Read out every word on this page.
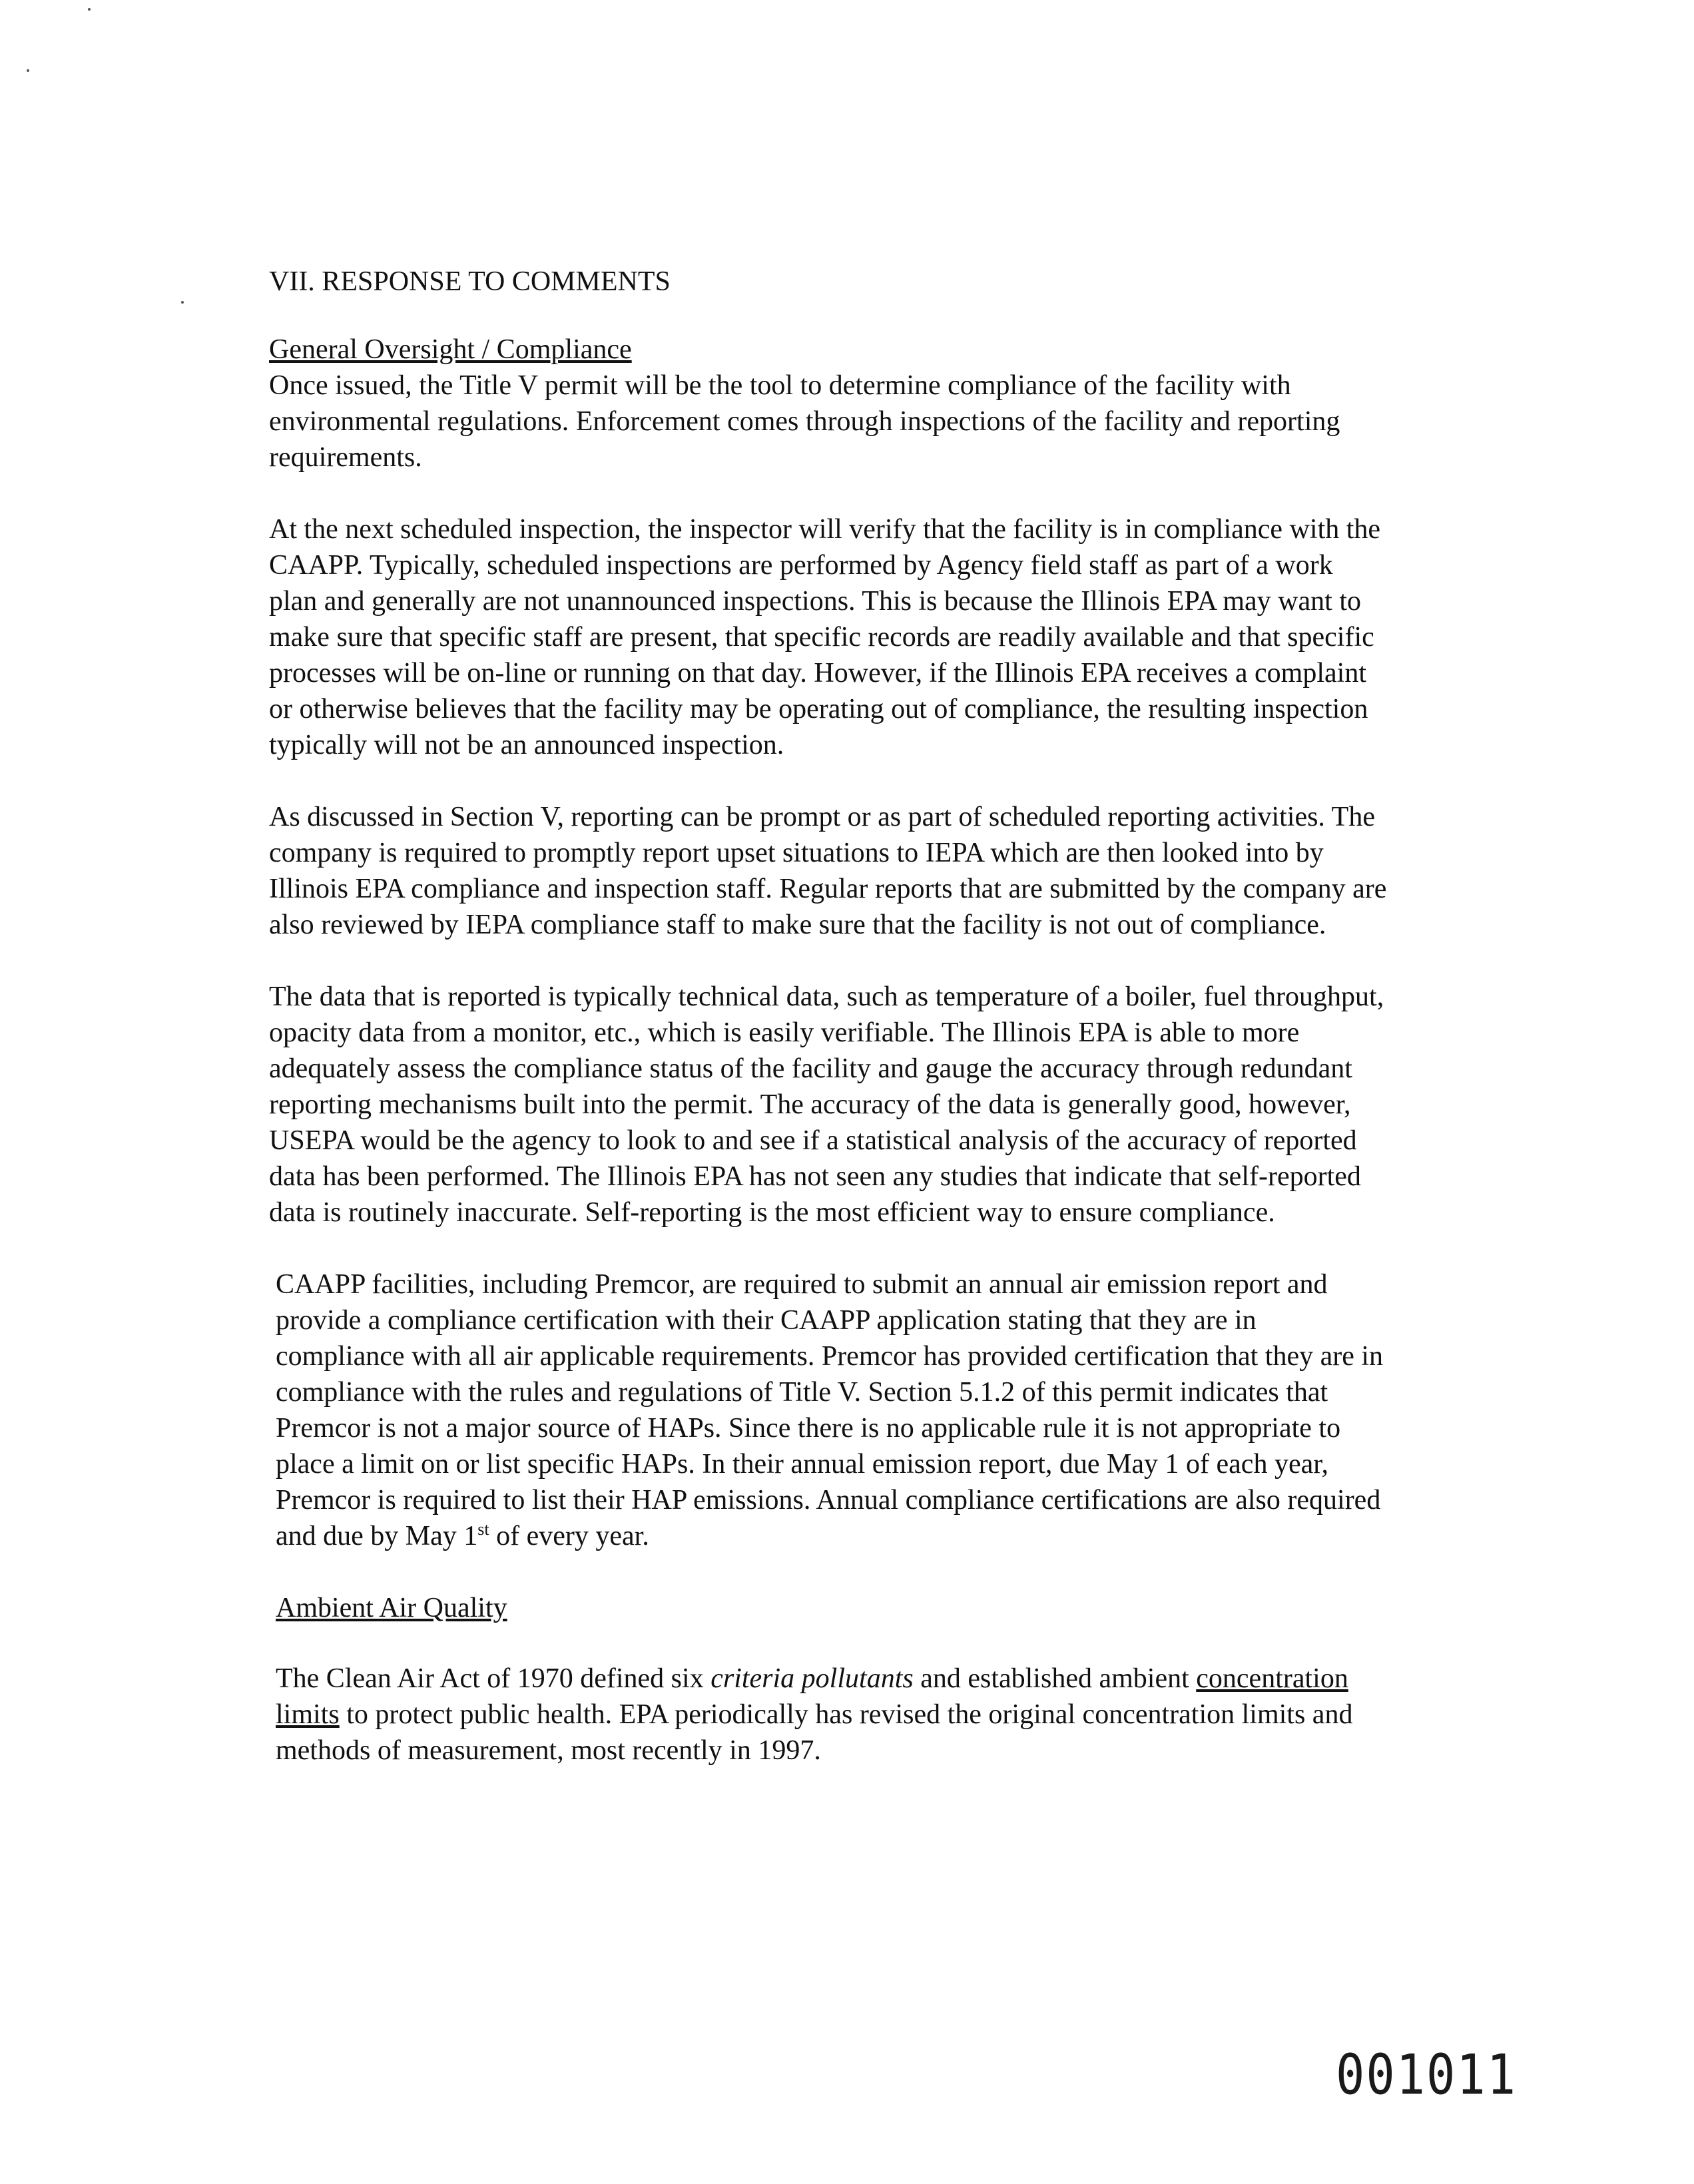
VII. RESPONSE TO COMMENTS
General Oversight / Compliance

Once issued, the Title V permit will be the tool to determine compliance of the facility with environmental regulations. Enforcement comes through inspections of the facility and reporting requirements.

At the next scheduled inspection, the inspector will verify that the facility is in compliance with the CAAPP. Typically, scheduled inspections are performed by Agency field staff as part of a work plan and generally are not unannounced inspections. This is because the Illinois EPA may want to make sure that specific staff are present, that specific records are readily available and that specific processes will be on-line or running on that day. However, if the Illinois EPA receives a complaint or otherwise believes that the facility may be operating out of compliance, the resulting inspection typically will not be an announced inspection.

As discussed in Section V, reporting can be prompt or as part of scheduled reporting activities. The company is required to promptly report upset situations to IEPA which are then looked into by Illinois EPA compliance and inspection staff. Regular reports that are submitted by the company are also reviewed by IEPA compliance staff to make sure that the facility is not out of compliance.

The data that is reported is typically technical data, such as temperature of a boiler, fuel throughput, opacity data from a monitor, etc., which is easily verifiable. The Illinois EPA is able to more adequately assess the compliance status of the facility and gauge the accuracy through redundant reporting mechanisms built into the permit. The accuracy of the data is generally good, however, USEPA would be the agency to look to and see if a statistical analysis of the accuracy of reported data has been performed. The Illinois EPA has not seen any studies that indicate that self-reported data is routinely inaccurate. Self-reporting is the most efficient way to ensure compliance.

CAAPP facilities, including Premcor, are required to submit an annual air emission report and provide a compliance certification with their CAAPP application stating that they are in compliance with all air applicable requirements. Premcor has provided certification that they are in compliance with the rules and regulations of Title V. Section 5.1.2 of this permit indicates that Premcor is not a major source of HAPs. Since there is no applicable rule it is not appropriate to place a limit on or list specific HAPs. In their annual emission report, due May 1 of each year, Premcor is required to list their HAP emissions. Annual compliance certifications are also required and due by May 1st of every year.

Ambient Air Quality

The Clean Air Act of 1970 defined six criteria pollutants and established ambient concentration limits to protect public health. EPA periodically has revised the original concentration limits and methods of measurement, most recently in 1997.

001011
